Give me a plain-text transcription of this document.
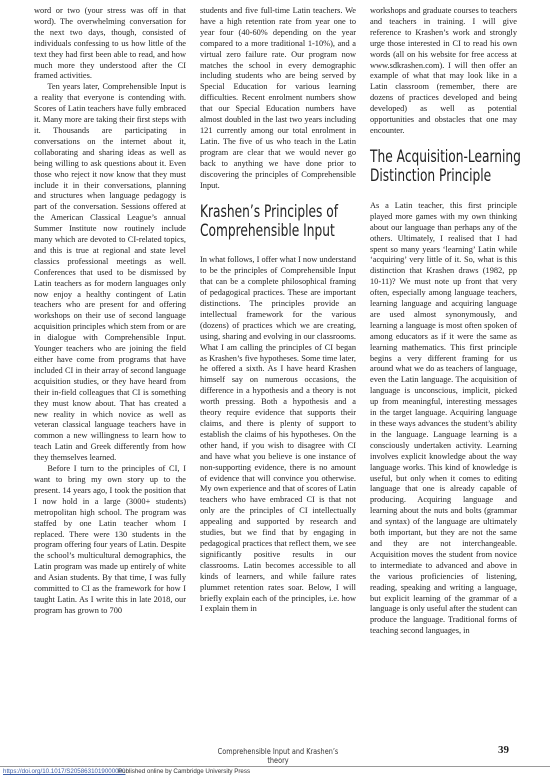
word or two (your stress was off in that word). The overwhelming conversation for the next two days, though, consisted of individuals confessing to us how little of the text they had first been able to read, and how much more they understood after the CI framed activities.

Ten years later, Comprehensible Input is a reality that everyone is contending with. Scores of Latin teachers have fully embraced it. Many more are taking their first steps with it. Thousands are participating in conversations on the internet about it, collaborating and sharing ideas as well as being willing to ask questions about it. Even those who reject it now know that they must include it in their conversations, planning and structures when language pedagogy is part of the conversation. Sessions offered at the American Classical League’s annual Summer Institute now routinely include many which are devoted to CI-related topics, and this is true at regional and state level classics professional meetings as well. Conferences that used to be dismissed by Latin teachers as for modern languages only now enjoy a healthy contingent of Latin teachers who are present for and offering workshops on their use of second language acquisition principles which stem from or are in dialogue with Comprehensible Input. Younger teachers who are joining the field either have come from programs that have included CI in their array of second language acquisition studies, or they have heard from their in-field colleagues that CI is something they must know about. That has created a new reality in which novice as well as veteran classical language teachers have in common a new willingness to learn how to teach Latin and Greek differently from how they themselves learned.

Before I turn to the principles of CI, I want to bring my own story up to the present. 14 years ago, I took the position that I now hold in a large (3000+ students) metropolitan high school. The program was staffed by one Latin teacher whom I replaced. There were 130 students in the program offering four years of Latin. Despite the school’s multicultural demographics, the Latin program was made up entirely of white and Asian students. By that time, I was fully committed to CI as the framework for how I taught Latin. As I write this in late 2018, our program has grown to 700

students and five full-time Latin teachers. We have a high retention rate from year one to year four (40-60% depending on the year compared to a more traditional 1-10%), and a virtual zero failure rate. Our program now matches the school in every demographic including students who are being served by Special Education for various learning difficulties. Recent enrolment numbers show that our Special Education numbers have almost doubled in the last two years including 121 currently among our total enrolment in Latin. The five of us who teach in the Latin program are clear that we would never go back to anything we have done prior to discovering the principles of Comprehensible Input.

Krashen’s Principles of
Comprehensible Input

In what follows, I offer what I now understand to be the principles of Comprehensible Input that can be a complete philosophical framing of pedagogical practices. These are important distinctions. The principles provide an intellectual framework for the various (dozens) of practices which we are creating, using, sharing and evolving in our classrooms. What I am calling the principles of CI began as Krashen’s five hypotheses. Some time later, he offered a sixth. As I have heard Krashen himself say on numerous occasions, the difference in a hypothesis and a theory is not worth pressing. Both a hypothesis and a theory require evidence that supports their claims, and there is plenty of support to establish the claims of his hypotheses. On the other hand, if you wish to disagree with CI and have what you believe is one instance of non-supporting evidence, there is no amount of evidence that will convince you otherwise. My own experience and that of scores of Latin teachers who have embraced CI is that not only are the principles of CI intellectually appealing and supported by research and studies, but we find that by engaging in pedagogical practices that reflect them, we see significantly positive results in our classrooms. Latin becomes accessible to all kinds of learners, and while failure rates plummet retention rates soar. Below, I will briefly explain each of the principles, i.e. how I explain them in

workshops and graduate courses to teachers and teachers in training. I will give reference to Krashen’s work and strongly urge those interested in CI to read his own words (all on his website for free access at www.sdkrashen.com). I will then offer an example of what that may look like in a Latin classroom (remember, there are dozens of practices developed and being developed) as well as potential opportunities and obstacles that one may encounter.

The Acquisition-Learning
Distinction Principle

As a Latin teacher, this first principle played more games with my own thinking about our language than perhaps any of the others. Ultimately, I realised that I had spent so many years ‘learning’ Latin while ‘acquiring’ very little of it. So, what is this distinction that Krashen draws (1982, pp 10-11)? We must note up front that very often, especially among language teachers, learning language and acquiring language are used almost synonymously, and learning a language is most often spoken of among educators as if it were the same as learning mathematics. This first principle begins a very different framing for us around what we do as teachers of language, even the Latin language. The acquisition of language is unconscious, implicit, picked up from meaningful, interesting messages in the target language. Acquiring language in these ways advances the student’s ability in the language. Language learning is a consciously undertaken activity. Learning involves explicit knowledge about the way language works. This kind of knowledge is useful, but only when it comes to editing language that one is already capable of producing. Acquiring language and learning about the nuts and bolts (grammar and syntax) of the language are ultimately both important, but they are not the same and they are not interchangeable. Acquisition moves the student from novice to intermediate to advanced and above in the various proficiencies of listening, reading, speaking and writing a language, but explicit learning of the grammar of a language is only useful after the student can produce the language. Traditional forms of teaching second languages, in

Comprehensible Input and Krashen’s theory
39
https://doi.org/10.1017/S2058631019000060
Published online by Cambridge University Press
